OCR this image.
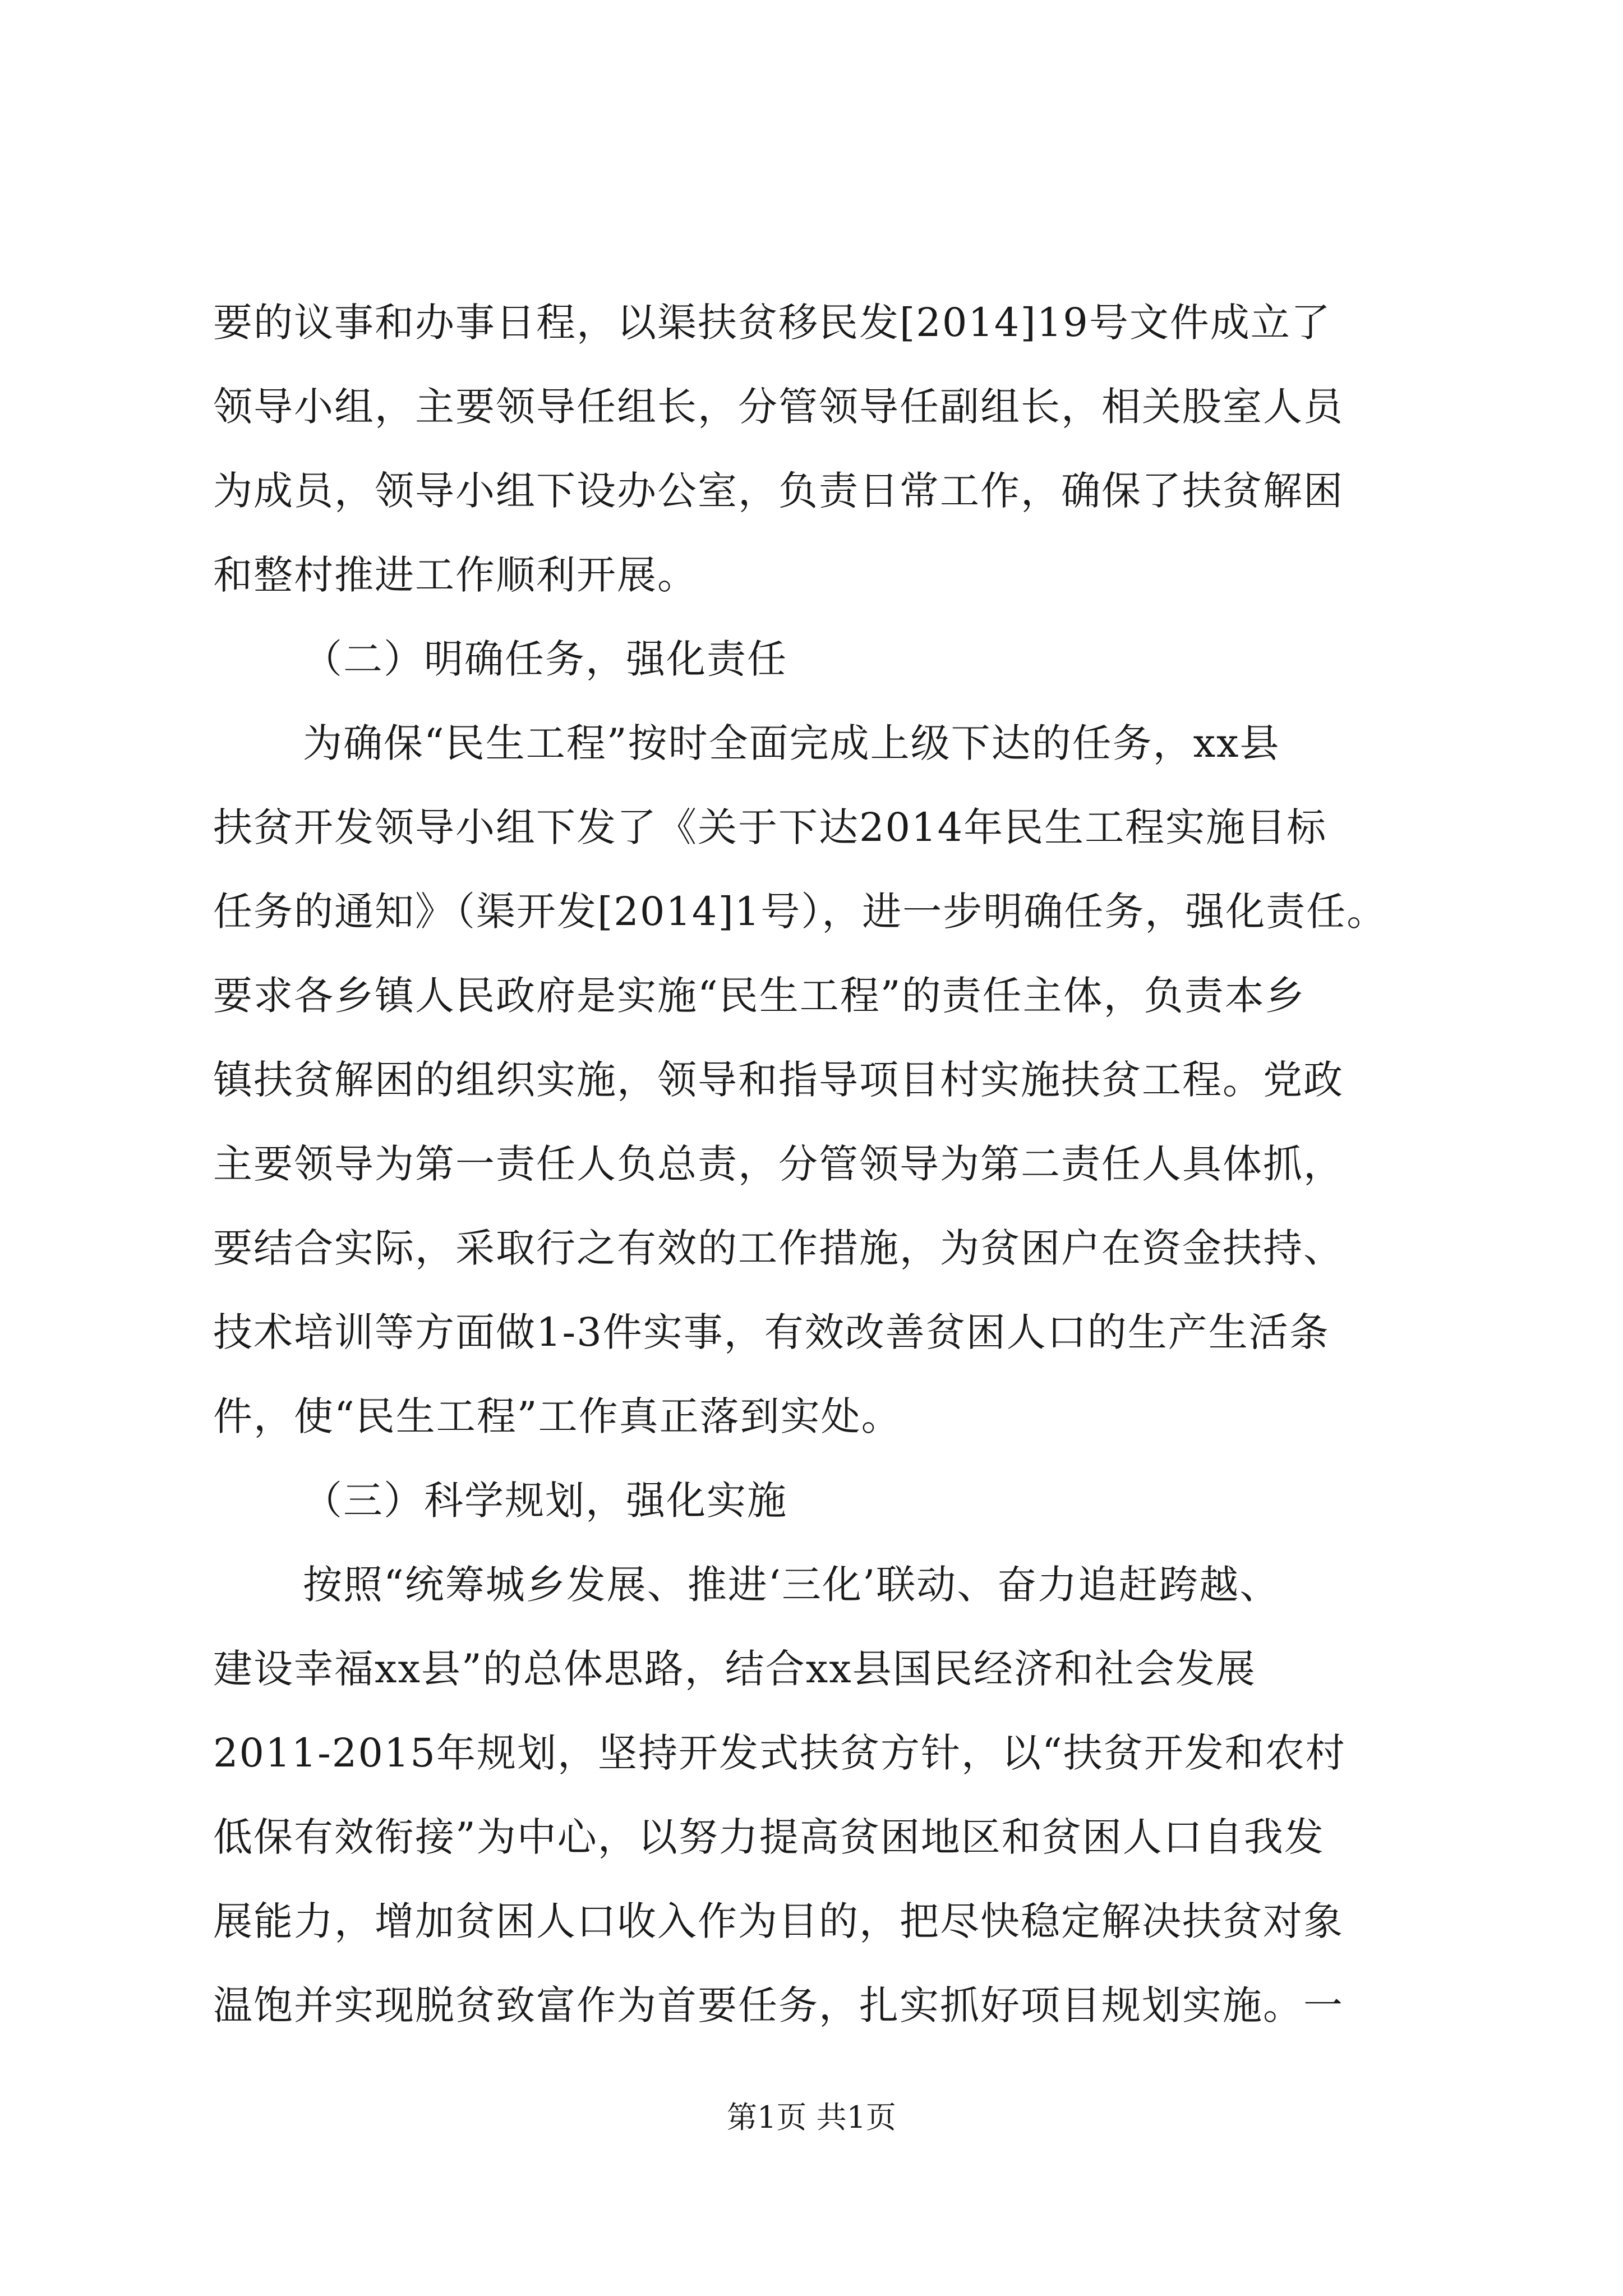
要的议事和办事日程，以渠扶贫移民发[2014]19号文件成立了
领导小组，主要领导任组长，分管领导任副组长，相关股室人员
为成员，领导小组下设办公室，负责日常工作，确保了扶贫解困
和整村推进工作顺利开展。
（二）明确任务，强化责任
为确保“民生工程”按时全面完成上级下达的任务，xx县
扶贫开发领导小组下发了《关于下达2014年民生工程实施目标
任务的通知》（渠开发[2014]1号），进一步明确任务，强化责任。
要求各乡镇人民政府是实施“民生工程”的责任主体，负责本乡
镇扶贫解困的组织实施，领导和指导项目村实施扶贫工程。党政
主要领导为第一责任人负总责，分管领导为第二责任人具体抓，
要结合实际，采取行之有效的工作措施，为贫困户在资金扶持、
技术培训等方面做1-3件实事，有效改善贫困人口的生产生活条
件，使“民生工程”工作真正落到实处。
（三）科学规划，强化实施
按照“统筹城乡发展、推进‘三化’联动、奋力追赶跨越、
建设幸福xx县”的总体思路，结合xx县国民经济和社会发展
2011-2015年规划，坚持开发式扶贫方针，以“扶贫开发和农村
低保有效衔接”为中心，以努力提高贫困地区和贫困人口自我发
展能力，增加贫困人口收入作为目的，把尽快稳定解决扶贫对象
温饱并实现脱贫致富作为首要任务，扎实抓好项目规划实施。一
第1页 共1页
